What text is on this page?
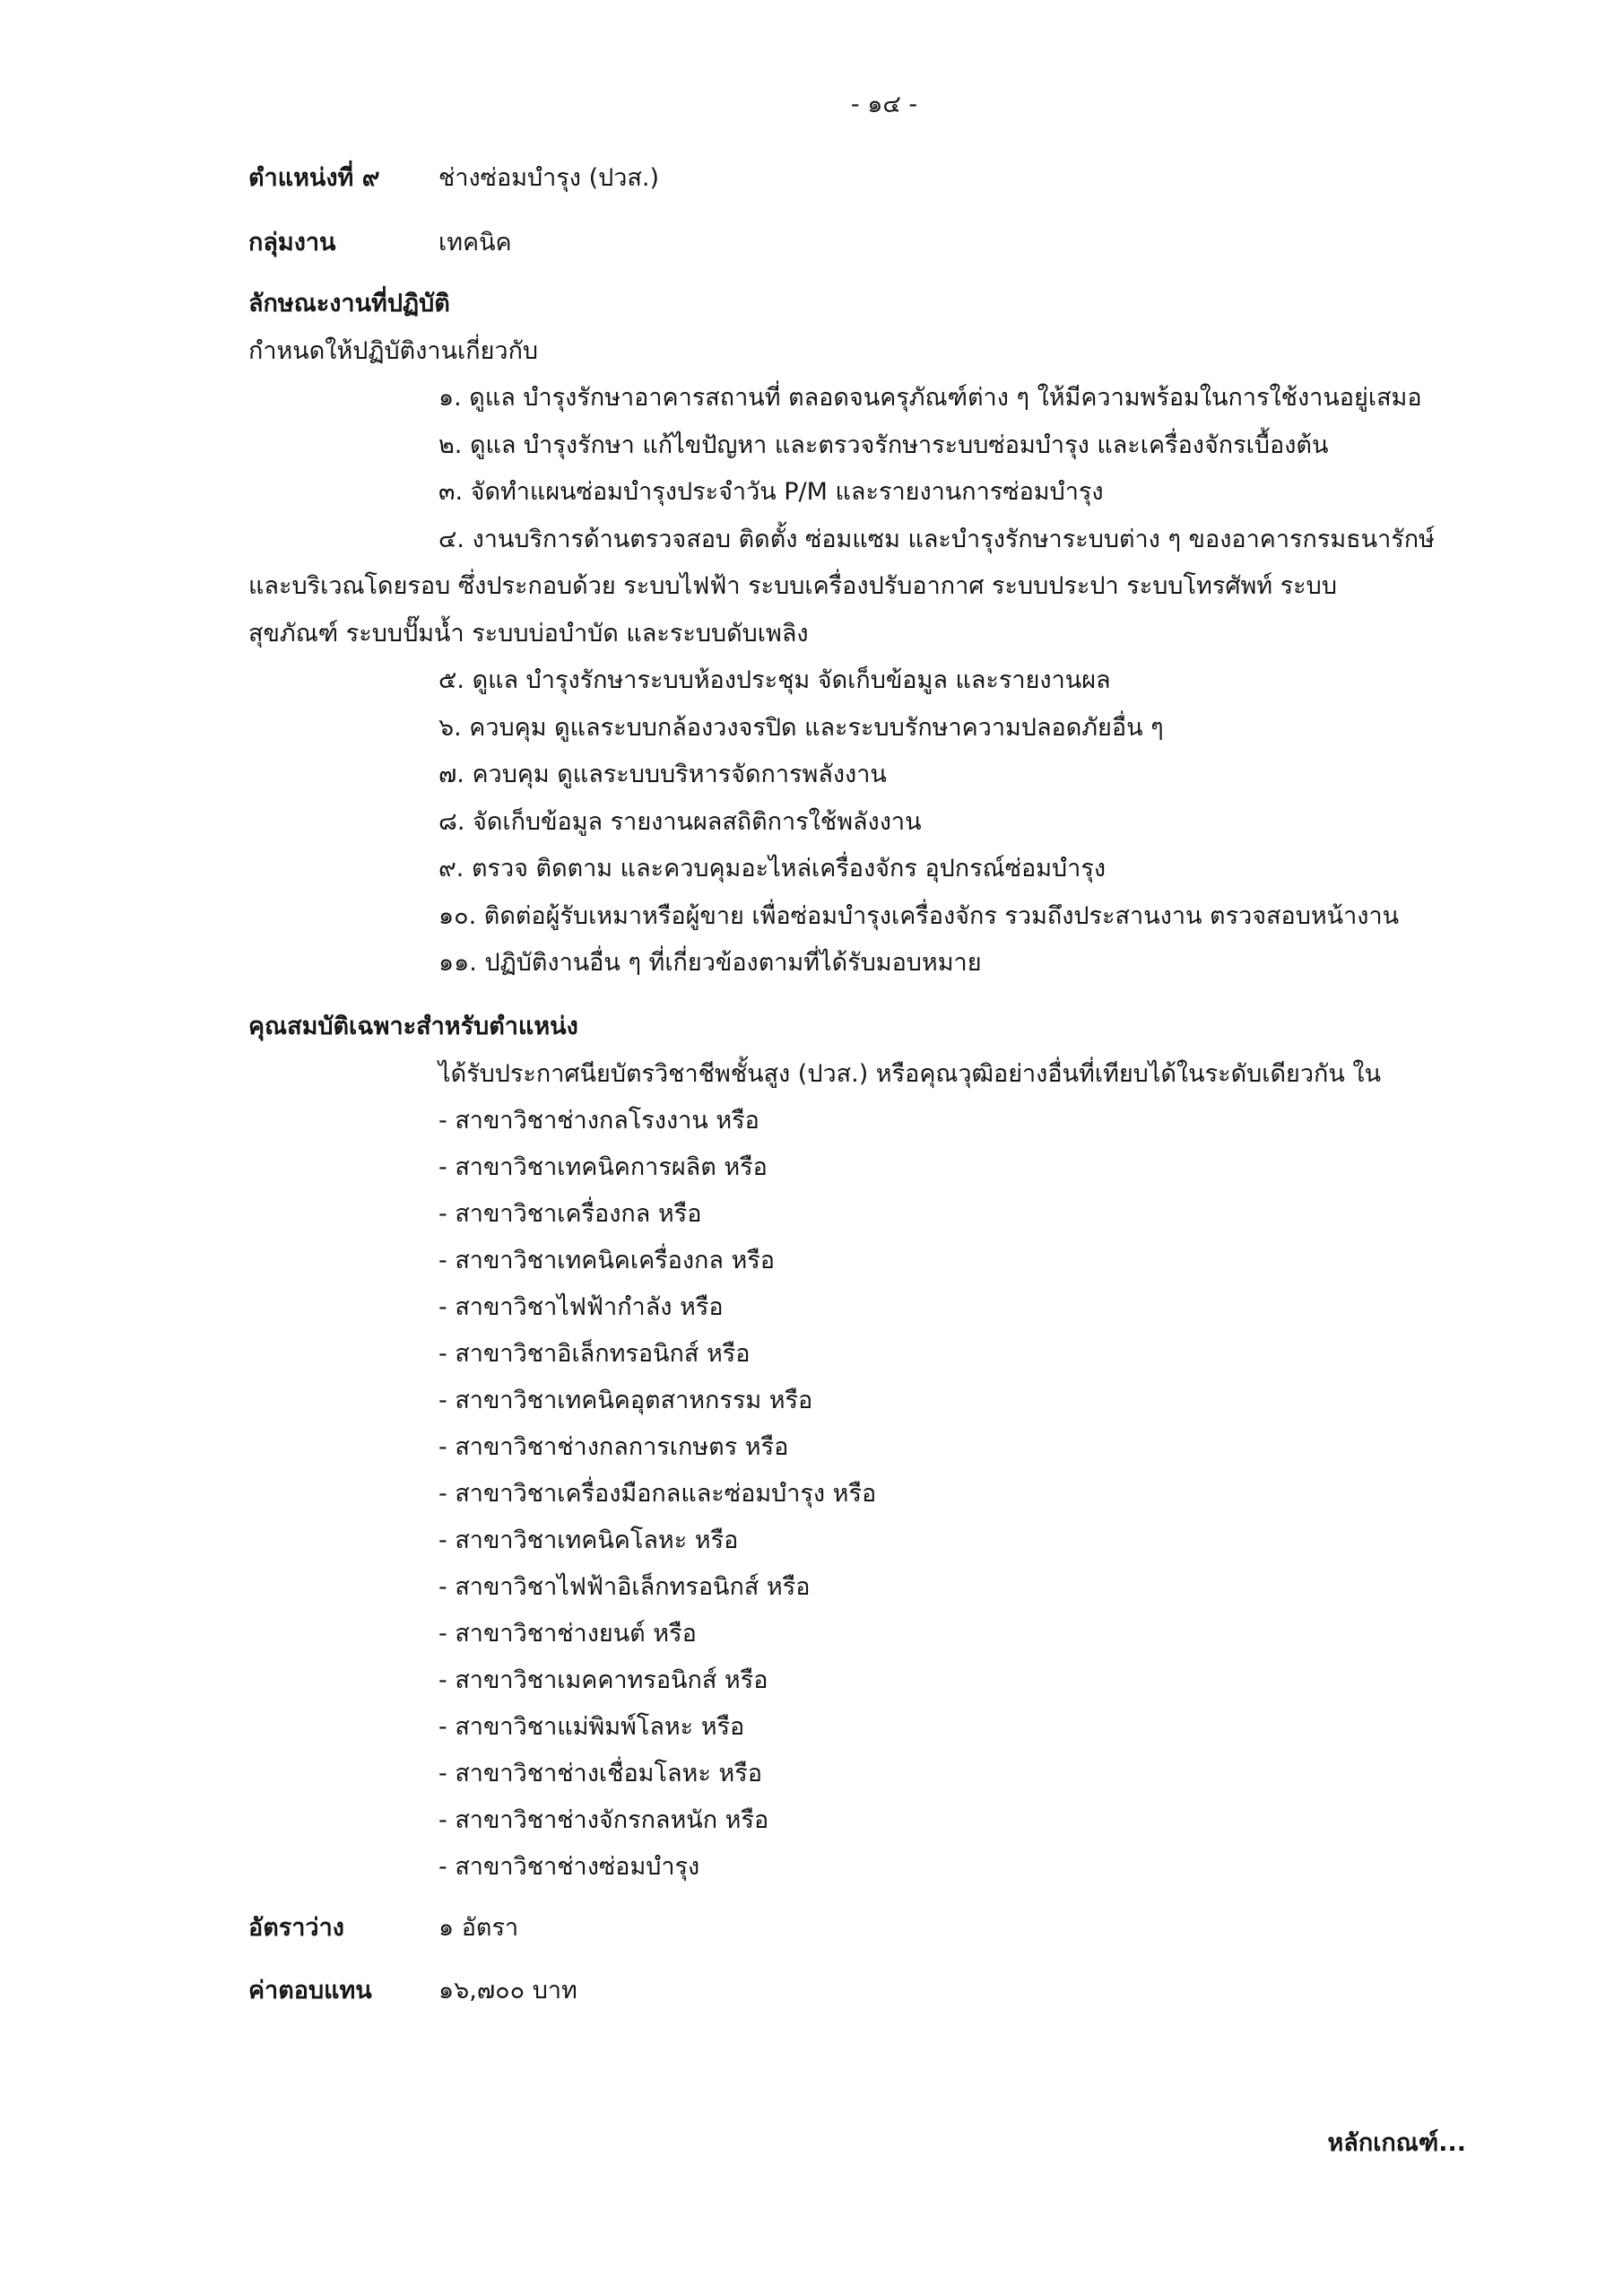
- ๑๔ -
ตำแหน่งที่ ๙	ช่างซ่อมบำรุง (ปวส.)
กลุ่มงาน	เทคนิค
ลักษณะงานที่ปฏิบัติ
กำหนดให้ปฏิบัติงานเกี่ยวกับ
๑. ดูแล บำรุงรักษาอาคารสถานที่ ตลอดจนครุภัณฑ์ต่าง ๆ ให้มีความพร้อมในการใช้งานอยู่เสมอ
๒. ดูแล บำรุงรักษา แก้ไขปัญหา และตรวจรักษาระบบซ่อมบำรุง และเครื่องจักรเบื้องต้น
๓. จัดทำแผนซ่อมบำรุงประจำวัน P/M และรายงานการซ่อมบำรุง
๔. งานบริการด้านตรวจสอบ ติดตั้ง ซ่อมแซม และบำรุงรักษาระบบต่าง ๆ ของอาคารกรมธนารักษ์
และบริเวณโดยรอบ ซึ่งประกอบด้วย ระบบไฟฟ้า ระบบเครื่องปรับอากาศ ระบบประปา ระบบโทรศัพท์ ระบบ
สุขภัณฑ์ ระบบปั๊มน้ำ ระบบบ่อบำบัด และระบบดับเพลิง
๕. ดูแล บำรุงรักษาระบบห้องประชุม จัดเก็บข้อมูล และรายงานผล
๖. ควบคุม ดูแลระบบกล้องวงจรปิด และระบบรักษาความปลอดภัยอื่น ๆ
๗. ควบคุม ดูแลระบบบริหารจัดการพลังงาน
๘. จัดเก็บข้อมูล รายงานผลสถิติการใช้พลังงาน
๙. ตรวจ ติดตาม และควบคุมอะไหล่เครื่องจักร อุปกรณ์ซ่อมบำรุง
๑๐. ติดต่อผู้รับเหมาหรือผู้ขาย เพื่อซ่อมบำรุงเครื่องจักร รวมถึงประสานงาน ตรวจสอบหน้างาน
๑๑. ปฏิบัติงานอื่น ๆ ที่เกี่ยวข้องตามที่ได้รับมอบหมาย
คุณสมบัติเฉพาะสำหรับตำแหน่ง
ได้รับประกาศนียบัตรวิชาชีพชั้นสูง (ปวส.) หรือคุณวุฒิอย่างอื่นที่เทียบได้ในระดับเดียวกัน ใน
- สาขาวิชาช่างกลโรงงาน หรือ
- สาขาวิชาเทคนิคการผลิต หรือ
- สาขาวิชาเครื่องกล หรือ
- สาขาวิชาเทคนิคเครื่องกล หรือ
- สาขาวิชาไฟฟ้ากำลัง หรือ
- สาขาวิชาอิเล็กทรอนิกส์ หรือ
- สาขาวิชาเทคนิคอุตสาหกรรม หรือ
- สาขาวิชาช่างกลการเกษตร หรือ
- สาขาวิชาเครื่องมือกลและซ่อมบำรุง หรือ
- สาขาวิชาเทคนิคโลหะ หรือ
- สาขาวิชาไฟฟ้าอิเล็กทรอนิกส์ หรือ
- สาขาวิชาช่างยนต์ หรือ
- สาขาวิชาเมคคาทรอนิกส์ หรือ
- สาขาวิชาแม่พิมพ์โลหะ หรือ
- สาขาวิชาช่างเชื่อมโลหะ หรือ
- สาขาวิชาช่างจักรกลหนัก หรือ
- สาขาวิชาช่างซ่อมบำรุง
อัตราว่าง	๑ อัตรา
ค่าตอบแทน	๑๖,๗๐๐ บาท
หลักเกณฑ์...
